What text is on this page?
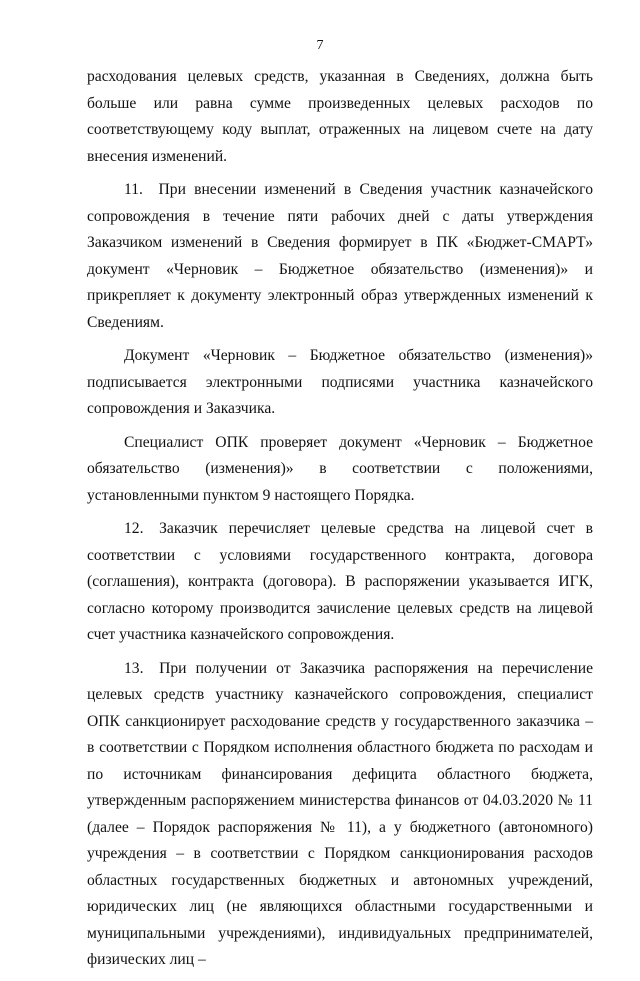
7

расходования целевых средств, указанная в Сведениях, должна быть больше или равна сумме произведенных целевых расходов по соответствующему коду выплат, отраженных на лицевом счете на дату внесения изменений.

11. При внесении изменений в Сведения участник казначейского сопровождения в течение пяти рабочих дней с даты утверждения Заказчиком изменений в Сведения формирует в ПК «Бюджет-СМАРТ» документ «Черновик – Бюджетное обязательство (изменения)» и прикрепляет к документу электронный образ утвержденных изменений к Сведениям.

Документ «Черновик – Бюджетное обязательство (изменения)» подписывается электронными подписями участника казначейского сопровождения и Заказчика.

Специалист ОПК проверяет документ «Черновик – Бюджетное обязательство (изменения)» в соответствии с положениями, установленными пунктом 9 настоящего Порядка.

12. Заказчик перечисляет целевые средства на лицевой счет в соответствии с условиями государственного контракта, договора (соглашения), контракта (договора). В распоряжении указывается ИГК, согласно которому производится зачисление целевых средств на лицевой счет участника казначейского сопровождения.

13. При получении от Заказчика распоряжения на перечисление целевых средств участнику казначейского сопровождения, специалист ОПК санкционирует расходование средств у государственного заказчика – в соответствии с Порядком исполнения областного бюджета по расходам и по источникам финансирования дефицита областного бюджета, утвержденным распоряжением министерства финансов от 04.03.2020 № 11 (далее – Порядок распоряжения № 11), а у бюджетного (автономного) учреждения – в соответствии с Порядком санкционирования расходов областных государственных бюджетных и автономных учреждений, юридических лиц (не являющихся областными государственными и муниципальными учреждениями), индивидуальных предпринимателей, физических лиц –
